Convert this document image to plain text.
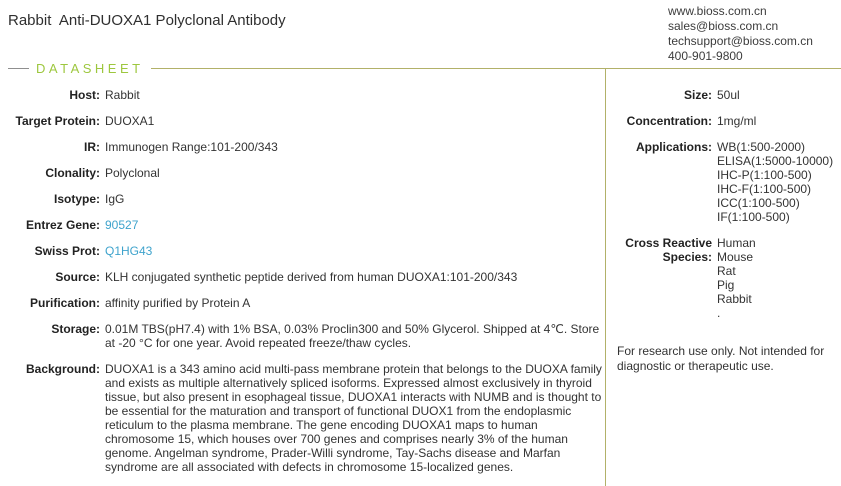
Rabbit  Anti-DUOXA1 Polyclonal Antibody
www.bioss.com.cn
sales@bioss.com.cn
techsupport@bioss.com.cn
400-901-9800
DATASHEET
Host: Rabbit
Target Protein: DUOXA1
IR: Immunogen Range:101-200/343
Clonality: Polyclonal
Isotype: IgG
Entrez Gene: 90527
Swiss Prot: Q1HG43
Source: KLH conjugated synthetic peptide derived from human DUOXA1:101-200/343
Purification: affinity purified by Protein A
Storage: 0.01M TBS(pH7.4) with 1% BSA, 0.03% Proclin300 and 50% Glycerol. Shipped at 4℃. Store at -20 °C for one year. Avoid repeated freeze/thaw cycles.
Background: DUOXA1 is a 343 amino acid multi-pass membrane protein that belongs to the DUOXA family and exists as multiple alternatively spliced isoforms. Expressed almost exclusively in thyroid tissue, but also present in esophageal tissue, DUOXA1 interacts with NUMB and is thought to be essential for the maturation and transport of functional DUOX1 from the endoplasmic reticulum to the plasma membrane. The gene encoding DUOXA1 maps to human chromosome 15, which houses over 700 genes and comprises nearly 3% of the human genome. Angelman syndrome, Prader-Willi syndrome, Tay-Sachs disease and Marfan syndrome are all associated with defects in chromosome 15-localized genes.
Size: 50ul
Concentration: 1mg/ml
Applications: WB(1:500-2000)
ELISA(1:5000-10000)
IHC-P(1:100-500)
IHC-F(1:100-500)
ICC(1:100-500)
IF(1:100-500)
Cross Reactive Species:
Human
Mouse
Rat
Pig
Rabbit
.
For research use only. Not intended for diagnostic or therapeutic use.
